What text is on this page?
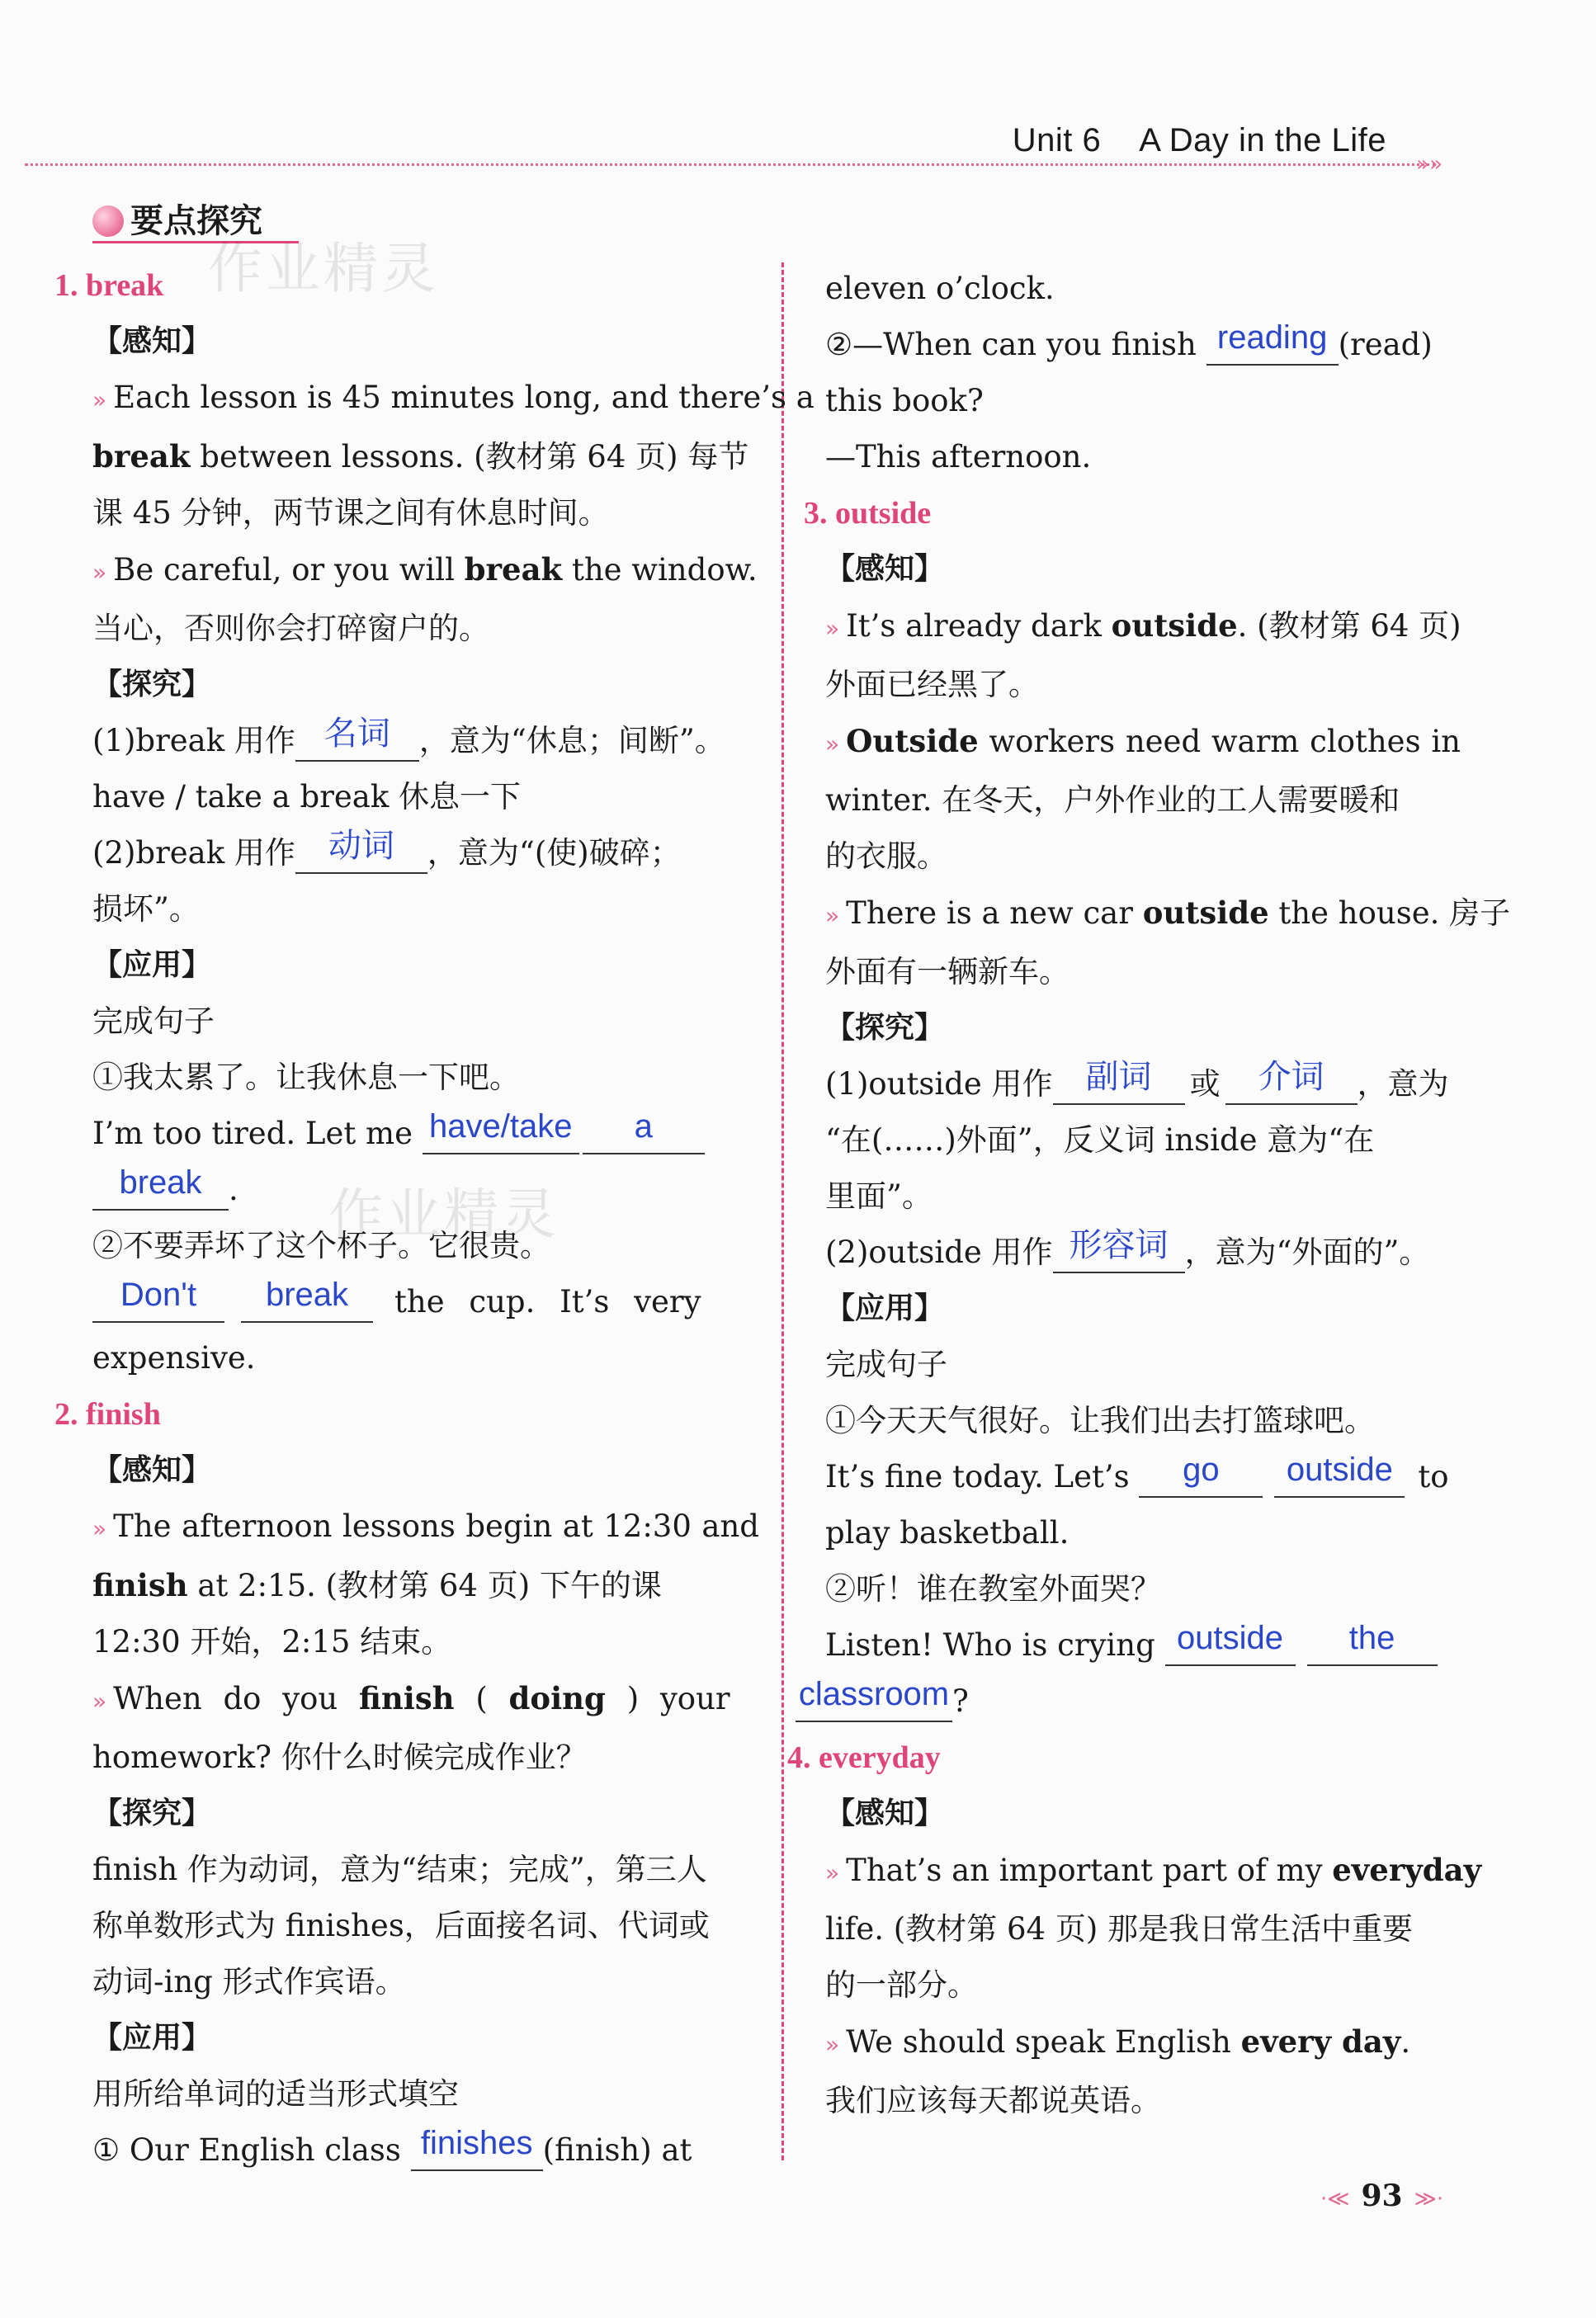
Unit 6 A Day in the Life
»»
要点探究
作业精灵
作业精灵
1. break
【感知】
» Each lesson is 45 minutes long, and there’s a
break between lessons. (教材第 64 页) 每节
课 45 分钟，两节课之间有休息时间。
» Be careful, or you will break the window.
当心，否则你会打碎窗户的。
【探究】
(1)break 用作 名词 ，意为“休息；间断”。
have / take a break 休息一下
(2)break 用作 动词 ，意为“(使)破碎；
损坏”。
【应用】
完成句子
①我太累了。让我休息一下吧。
I’m too tired. Let me have/take a
break .
②不要弄坏了这个杯子。它很贵。
Don't break the cup. It’s very
expensive.
2. finish
【感知】
» The afternoon lessons begin at 12:30 and
finish at 2:15. (教材第 64 页) 下午的课
12:30 开始，2:15 结束。
» When do you finish ( doing ) your
homework? 你什么时候完成作业？
【探究】
finish 作为动词，意为“结束；完成”，第三人
称单数形式为 finishes，后面接名词、代词或
动词-ing 形式作宾语。
【应用】
用所给单词的适当形式填空
① Our English class finishes (finish) at
eleven o’clock.
②—When can you finish reading (read)
this book?
—This afternoon.
3. outside
【感知】
» It’s already dark outside. (教材第 64 页)
外面已经黑了。
» Outside workers need warm clothes in
winter. 在冬天，户外作业的工人需要暖和
的衣服。
» There is a new car outside the house. 房子
外面有一辆新车。
【探究】
(1)outside 用作 副词 或 介词 ，意为
“在(……)外面”，反义词 inside 意为“在
里面”。
(2)outside 用作 形容词 ，意为“外面的”。
【应用】
完成句子
①今天天气很好。让我们出去打篮球吧。
It’s fine today. Let’s go outside to
play basketball.
②听！谁在教室外面哭？
Listen! Who is crying outside the
classroom ?
4. everyday
【感知】
» That’s an important part of my everyday
life. (教材第 64 页) 那是我日常生活中重要
的一部分。
» We should speak English every day.
我们应该每天都说英语。
·≪ 93 ≫·
